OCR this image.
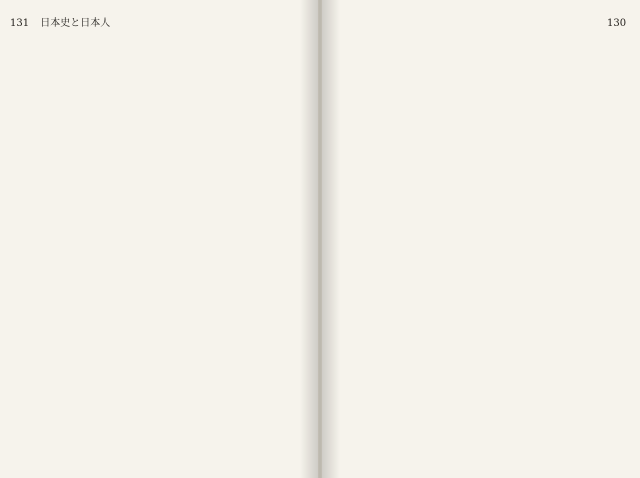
131 日本史と日本人	130
